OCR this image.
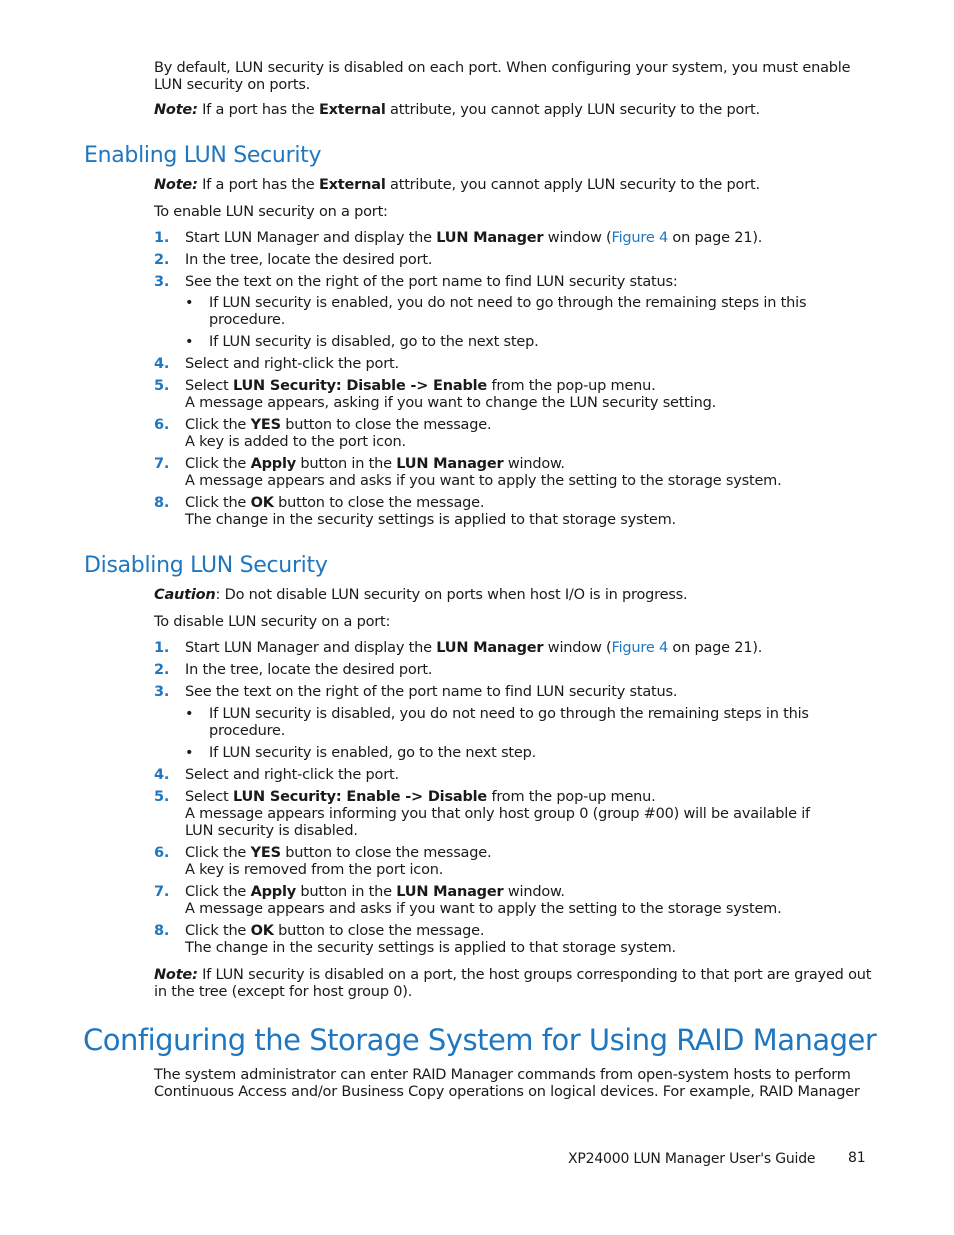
By default, LUN security is disabled on each port. When configuring your system, you must enable
LUN security on ports.
Note: If a port has the External attribute, you cannot apply LUN security to the port.
Enabling LUN Security
Note: If a port has the External attribute, you cannot apply LUN security to the port.
To enable LUN security on a port:
1. Start LUN Manager and display the LUN Manager window (Figure 4 on page 21).
2. In the tree, locate the desired port.
3. See the text on the right of the port name to find LUN security status:
• If LUN security is enabled, you do not need to go through the remaining steps in this
procedure.
• If LUN security is disabled, go to the next step.
4. Select and right-click the port.
5. Select LUN Security: Disable -> Enable from the pop-up menu.
A message appears, asking if you want to change the LUN security setting.
6. Click the YES button to close the message.
A key is added to the port icon.
7. Click the Apply button in the LUN Manager window.
A message appears and asks if you want to apply the setting to the storage system.
8. Click the OK button to close the message.
The change in the security settings is applied to that storage system.
Disabling LUN Security
Caution: Do not disable LUN security on ports when host I/O is in progress.
To disable LUN security on a port:
1. Start LUN Manager and display the LUN Manager window (Figure 4 on page 21).
2. In the tree, locate the desired port.
3. See the text on the right of the port name to find LUN security status.
• If LUN security is disabled, you do not need to go through the remaining steps in this
procedure.
• If LUN security is enabled, go to the next step.
4. Select and right-click the port.
5. Select LUN Security: Enable -> Disable from the pop-up menu.
A message appears informing you that only host group 0 (group #00) will be available if
LUN security is disabled.
6. Click the YES button to close the message.
A key is removed from the port icon.
7. Click the Apply button in the LUN Manager window.
A message appears and asks if you want to apply the setting to the storage system.
8. Click the OK button to close the message.
The change in the security settings is applied to that storage system.
Note: If LUN security is disabled on a port, the host groups corresponding to that port are grayed out
in the tree (except for host group 0).
Configuring the Storage System for Using RAID Manager
The system administrator can enter RAID Manager commands from open-system hosts to perform
Continuous Access and/or Business Copy operations on logical devices. For example, RAID Manager
XP24000 LUN Manager User's Guide 81
